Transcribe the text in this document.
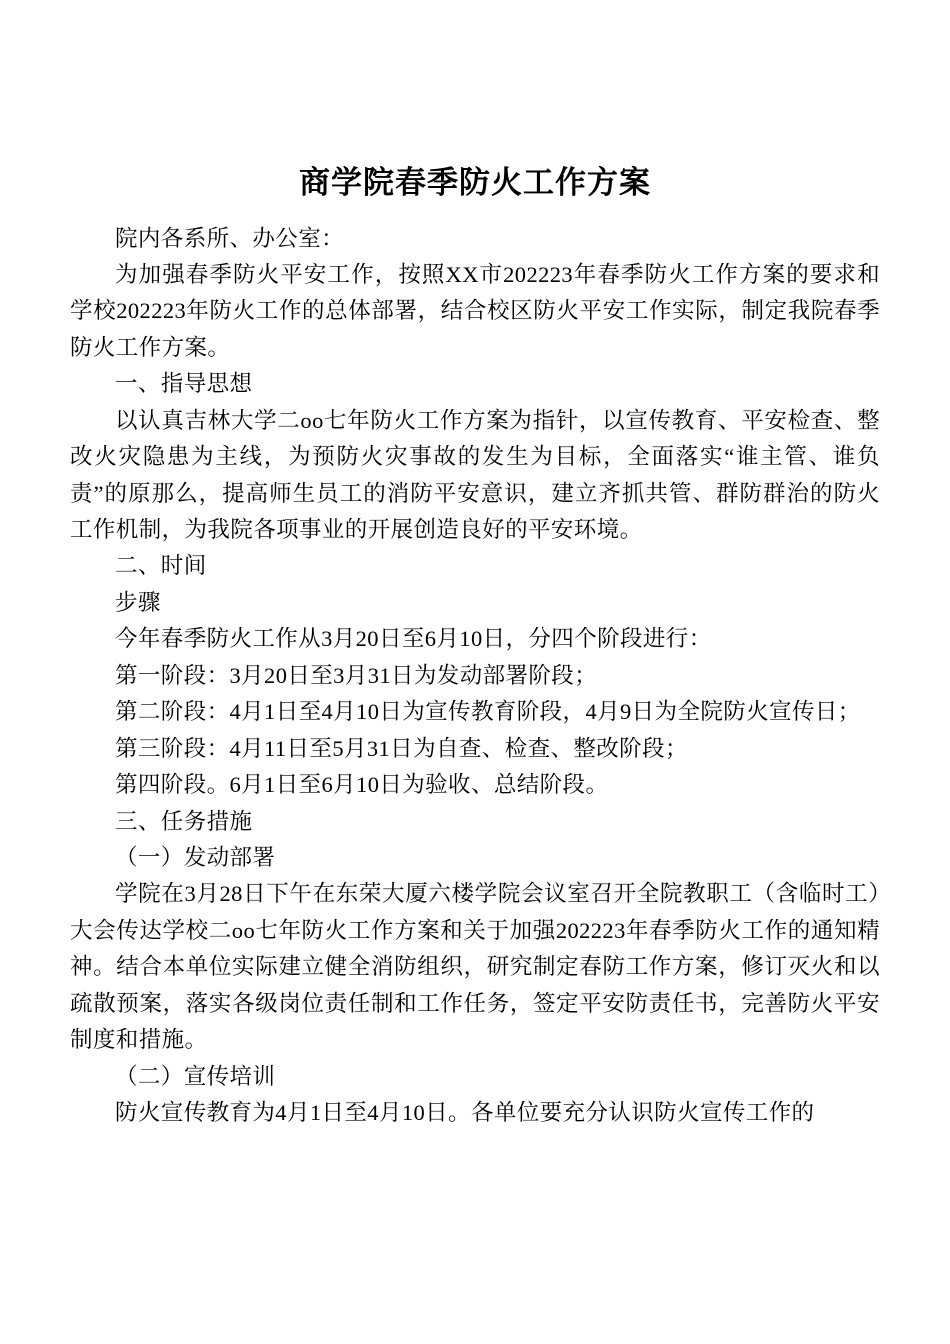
商学院春季防火工作方案

院内各系所、办公室：

为加强春季防火平安工作，按照XX市202223年春季防火工作方案的要求和学校202223年防火工作的总体部署，结合校区防火平安工作实际，制定我院春季防火工作方案。

一、指导思想

以认真吉林大学二oo七年防火工作方案为指针，以宣传教育、平安检查、整改火灾隐患为主线，为预防火灾事故的发生为目标，全面落实“谁主管、谁负责”的原那么，提高师生员工的消防平安意识，建立齐抓共管、群防群治的防火工作机制，为我院各项事业的开展创造良好的平安环境。

二、时间

步骤

今年春季防火工作从3月20日至6月10日，分四个阶段进行：

第一阶段：3月20日至3月31日为发动部署阶段；

第二阶段：4月1日至4月10日为宣传教育阶段，4月9日为全院防火宣传日；

第三阶段：4月11日至5月31日为自查、检查、整改阶段；

第四阶段。6月1日至6月10日为验收、总结阶段。

三、任务措施

（一）发动部署

学院在3月28日下午在东荣大厦六楼学院会议室召开全院教职工（含临时工）大会传达学校二oo七年防火工作方案和关于加强202223年春季防火工作的通知精神。结合本单位实际建立健全消防组织，研究制定春防工作方案，修订灭火和以疏散预案，落实各级岗位责任制和工作任务，签定平安防责任书，完善防火平安制度和措施。

（二）宣传培训

防火宣传教育为4月1日至4月10日。各单位要充分认识防火宣传工作的
